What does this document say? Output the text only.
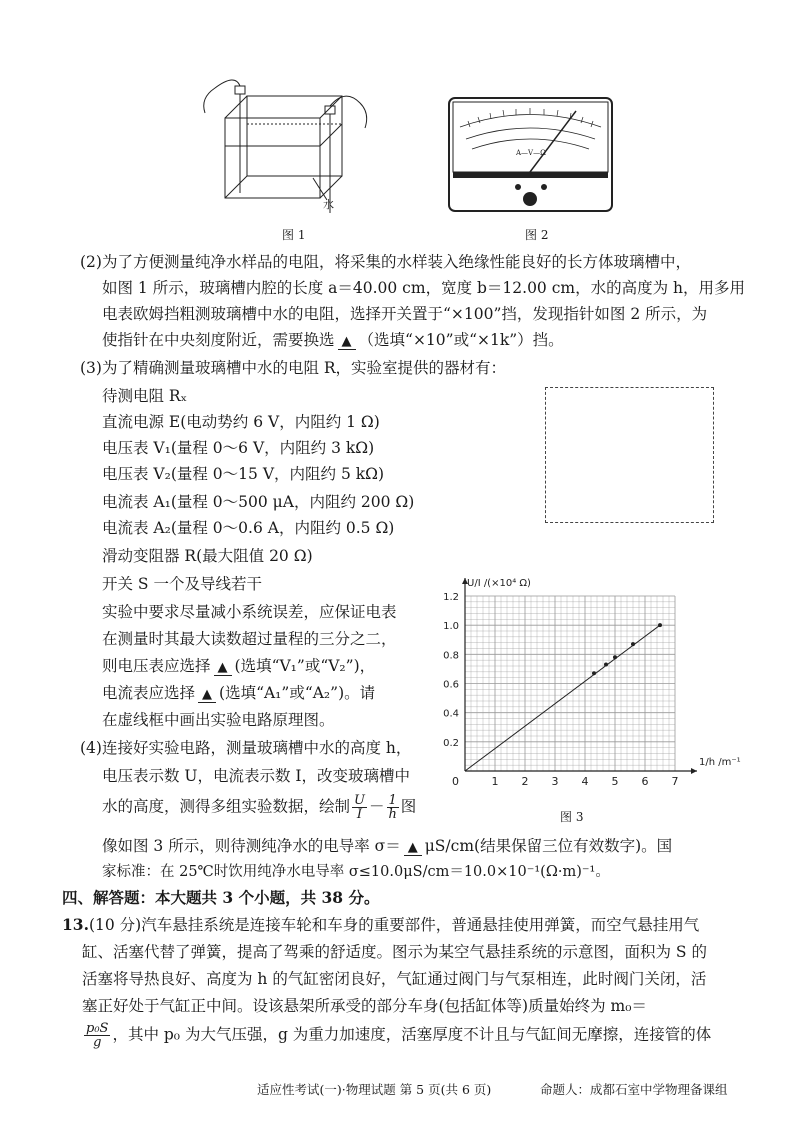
水
图 1
A—V—Ω
图 2
(2)为了方便测量纯净水样品的电阻，将采集的水样装入绝缘性能良好的长方体玻璃槽中，
如图 1 所示，玻璃槽内腔的长度 a＝40.00 cm，宽度 b＝12.00 cm，水的高度为 h，用多用
电表欧姆挡粗测玻璃槽中水的电阻，选择开关置于“×100”挡，发现指针如图 2 所示，为
使指针在中央刻度附近，需要换选 ▲ （选填“×10”或“×1k”）挡。
(3)为了精确测量玻璃槽中水的电阻 R，实验室提供的器材有：
待测电阻 Rₓ
直流电源 E(电动势约 6 V，内阻约 1 Ω)
电压表 V₁(量程 0～6 V，内阻约 3 kΩ)
电压表 V₂(量程 0～15 V，内阻约 5 kΩ)
电流表 A₁(量程 0～500 μA，内阻约 200 Ω)
电流表 A₂(量程 0～0.6 A，内阻约 0.5 Ω)
滑动变阻器 R(最大阻值 20 Ω)
开关 S 一个及导线若干
实验中要求尽量减小系统误差，应保证电表
在测量时其最大读数超过量程的三分之二，
则电压表应选择 ▲ (选填“V₁”或“V₂”)，
电流表应选择 ▲ (选填“A₁”或“A₂”)。请
在虚线框中画出实验电路原理图。
1 2 3 4 5 6 7
0.2
0.4
0.6
0.8
1.0
1.2
0
1/h /m⁻¹
U/I /(×10⁴ Ω)
图 3
(4)连接好实验电路，测量玻璃槽中水的高度 h，
电压表示数 U，电流表示数 I，改变玻璃槽中
水的高度，测得多组实验数据，绘制 $\frac{U}{I} - \frac{1}{h}$ 图
像如图 3 所示，则待测纯净水的电导率 σ＝ ▲ μS/cm(结果保留三位有效数字)。国
家标准：在 25℃时饮用纯净水电导率 σ≤10.0μS/cm＝10.0×10⁻¹(Ω·m)⁻¹。
四、解答题：本大题共 3 个小题，共 38 分。
13.(10 分)汽车悬挂系统是连接车轮和车身的重要部件，普通悬挂使用弹簧，而空气悬挂用气
缸、活塞代替了弹簧，提高了驾乘的舒适度。图示为某空气悬挂系统的示意图，面积为 S 的
活塞将导热良好、高度为 h 的气缸密闭良好，气缸通过阀门与气泵相连，此时阀门关闭，活
塞正好处于气缸正中间。设该悬架所承受的部分车身(包括缸体等)质量始终为 m₀＝
$\frac{\text{p₀S}}{g}$ ，其中 p₀ 为大气压强，g 为重力加速度，活塞厚度不计且与气缸间无摩擦，连接管的体
适应性考试(一)·物理试题 第 5 页(共 6 页)	命题人：成都石室中学物理备课组
